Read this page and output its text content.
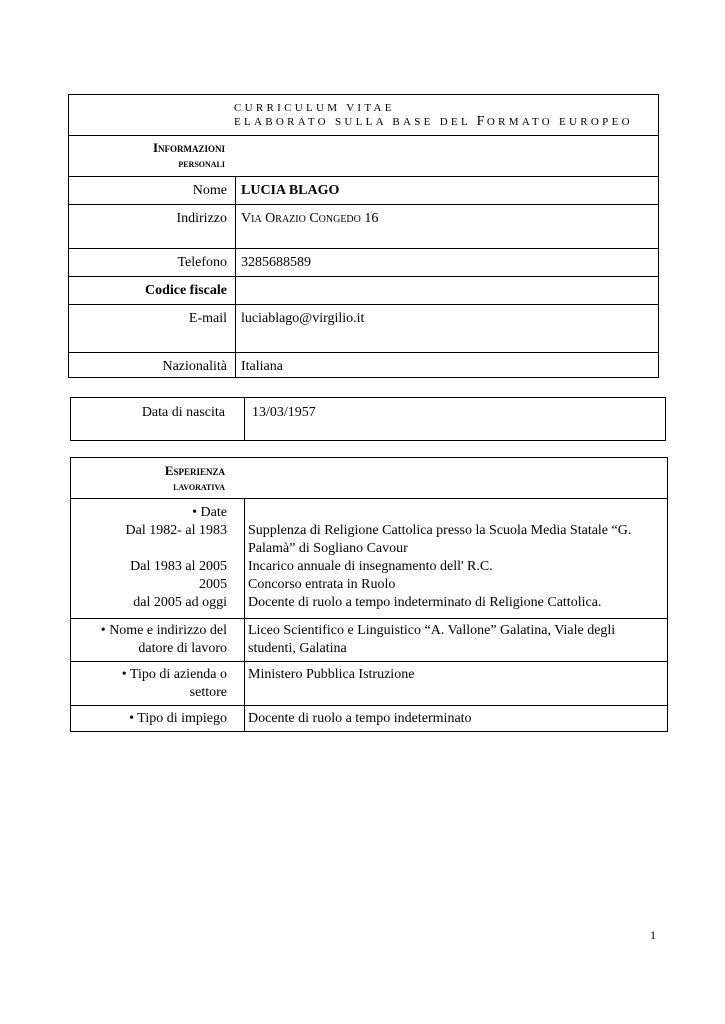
CURRICULUM VITAE
ELABORATO SULLA BASE DEL FORMATO EUROPEO
Informazioni
personali
Nome LUCIA BLAGO
Indirizzo Via Orazio Congedo 16
Telefono 3285688589
Codice fiscale
E-mail luciablago@virgilio.it
Nazionalità Italiana
Data di nascita 13/03/1957
Esperienza
lavorativa
• Date
Dal 1982- al 1983
Dal 1983 al 2005
2005
dal 2005 ad oggi
Supplenza di Religione Cattolica presso la Scuola Media Statale “G.
Palamà” di Sogliano Cavour
Incarico annuale di insegnamento dell' R.C.
Concorso entrata in Ruolo
Docente di ruolo a tempo indeterminato di Religione Cattolica.
• Nome e indirizzo del
datore di lavoro
Liceo Scientifico e Linguistico “A. Vallone” Galatina, Viale degli
studenti, Galatina
• Tipo di azienda o
settore
Ministero Pubblica Istruzione
• Tipo di impiego Docente di ruolo a tempo indeterminato
1
